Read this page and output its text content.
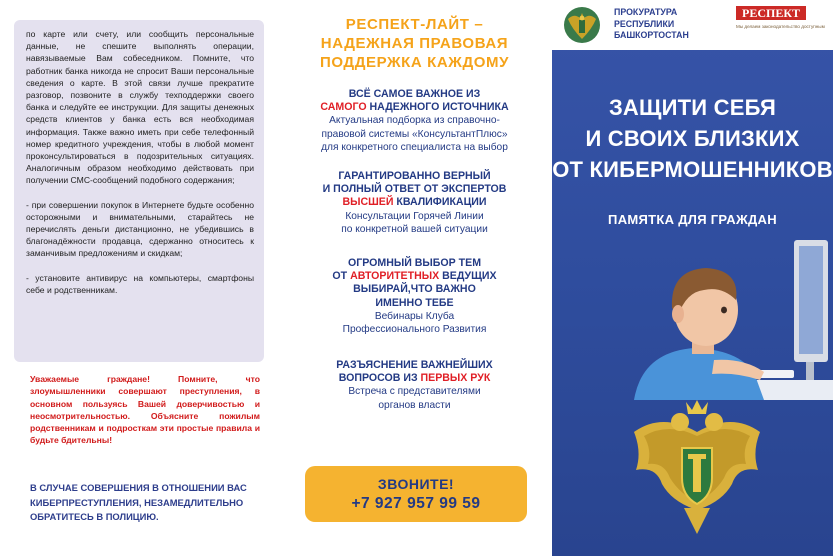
по карте или счету, или сообщить персональные данные, не спешите выполнять операции, навязываемые Вам собеседником. Помните, что работник банка никогда не спросит Ваши персональные сведения о карте. В этой связи лучше прекратите разговор, позвоните в службу техподдержки своего банка и следуйте ее инструкции. Для защиты денежных средств клиентов у банка есть вся необходимая информация. Также важно иметь при себе телефонный номер кредитного учреждения, чтобы в любой момент проконсультироваться в подозрительных ситуациях. Аналогичным образом необходимо действовать при получении СМС-сообщений подобного содержания;

- при совершении покупок в Интернете будьте особенно осторожными и внимательными, старайтесь не перечислять деньги дистанционно, не убедившись в благонадёжности продавца, сдержанно относитесь к заманчивым предложениям и скидкам;

- установите антивирус на компьютеры, смартфоны себе и родственникам.

Уважаемые граждане! Помните, что злоумышленники совершают преступления, в основном пользуясь Вашей доверчивостью и неосмотрительностью. Объясните пожилым родственникам и подросткам эти простые правила и будьте бдительны!
В СЛУЧАЕ СОВЕРШЕНИЯ В ОТНОШЕНИИ ВАС КИБЕРПРЕСТУПЛЕНИЯ, НЕЗАМЕДЛИТЕЛЬНО ОБРАТИТЕСЬ В ПОЛИЦИЮ.
РЕСПЕКТ-ЛАЙТ –
НАДЕЖНАЯ ПРАВОВАЯ
ПОДДЕРЖКА КАЖДОМУ
ВСЁ САМОЕ ВАЖНОЕ ИЗ
САМОГО НАДЕЖНОГО ИСТОЧНИКА
Актуальная подборка из справочно-
правовой системы «КонсультантПлюс»
для конкретного специалиста на выбор
ГАРАНТИРОВАННО ВЕРНЫЙ
И ПОЛНЫЙ ОТВЕТ ОТ ЭКСПЕРТОВ
ВЫСШЕЙ КВАЛИФИКАЦИИ
Консультации Горячей Линии
по конкретной вашей ситуации
ОГРОМНЫЙ ВЫБОР ТЕМ
ОТ АВТОРИТЕТНЫХ ВЕДУЩИХ
ВЫБИРАЙ,ЧТО ВАЖНО
ИМЕННО ТЕБЕ
Вебинары Клуба
Профессионального Развития
РАЗЪЯСНЕНИЕ ВАЖНЕЙШИХ
ВОПРОСОВ ИЗ ПЕРВЫХ РУК
Встреча с представителями
органов власти
ЗВОНИТЕ!
+7 927 957 99 59
ПРОКУРАТУРА
РЕСПУБЛИКИ
БАШКОРТОСТАН
РЕСПЕКТ
Мы делаем законодательство доступным
ЗАЩИТИ СЕБЯ
И СВОИХ БЛИЗКИХ
ОТ КИБЕРМОШЕННИКОВ
ПАМЯТКА ДЛЯ ГРАЖДАН
